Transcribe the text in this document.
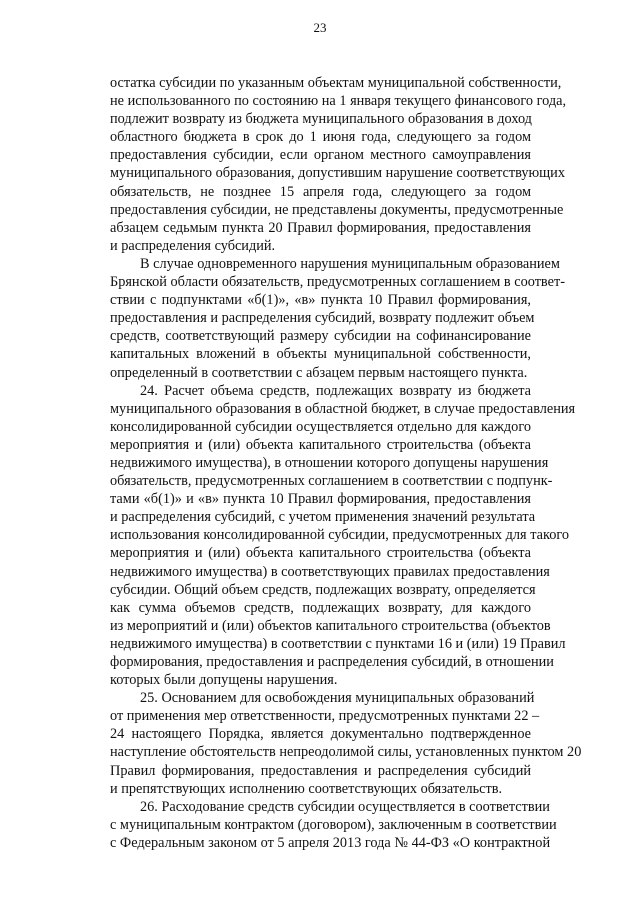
23
остатка субсидии по указанным объектам муниципальной собственности,
не использованного по состоянию на 1 января текущего финансового года,
подлежит возврату из бюджета муниципального образования в доход
областного бюджета в срок до 1 июня года, следующего за годом
предоставления субсидии, если органом местного самоуправления
муниципального образования, допустившим нарушение соответствующих
обязательств, не позднее 15 апреля года, следующего за годом
предоставления субсидии, не представлены документы, предусмотренные
абзацем седьмым пункта 20 Правил формирования, предоставления
и распределения субсидий.
В случае одновременного нарушения муниципальным образованием
Брянской области обязательств, предусмотренных соглашением в соответ-
ствии с подпунктами «б(1)», «в» пункта 10 Правил формирования,
предоставления и распределения субсидий, возврату подлежит объем
средств, соответствующий размеру субсидии на софинансирование
капитальных вложений в объекты муниципальной собственности,
определенный в соответствии с абзацем первым настоящего пункта.
24. Расчет объема средств, подлежащих возврату из бюджета
муниципального образования в областной бюджет, в случае предоставления
консолидированной субсидии осуществляется отдельно для каждого
мероприятия и (или) объекта капитального строительства (объекта
недвижимого имущества), в отношении которого допущены нарушения
обязательств, предусмотренных соглашением в соответствии с подпунк-
тами «б(1)» и «в» пункта 10 Правил формирования, предоставления
и распределения субсидий, с учетом применения значений результата
использования консолидированной субсидии, предусмотренных для такого
мероприятия и (или) объекта капитального строительства (объекта
недвижимого имущества) в соответствующих правилах предоставления
субсидии. Общий объем средств, подлежащих возврату, определяется
как сумма объемов средств, подлежащих возврату, для каждого
из мероприятий и (или) объектов капитального строительства (объектов
недвижимого имущества) в соответствии с пунктами 16 и (или) 19 Правил
формирования, предоставления и распределения субсидий, в отношении
которых были допущены нарушения.
25. Основанием для освобождения муниципальных образований
от применения мер ответственности, предусмотренных пунктами 22 –
24 настоящего Порядка, является документально подтвержденное
наступление обстоятельств непреодолимой силы, установленных пунктом 20
Правил формирования, предоставления и распределения субсидий
и препятствующих исполнению соответствующих обязательств.
26. Расходование средств субсидии осуществляется в соответствии
с муниципальным контрактом (договором), заключенным в соответствии
с Федеральным законом от 5 апреля 2013 года № 44-ФЗ «О контрактной
